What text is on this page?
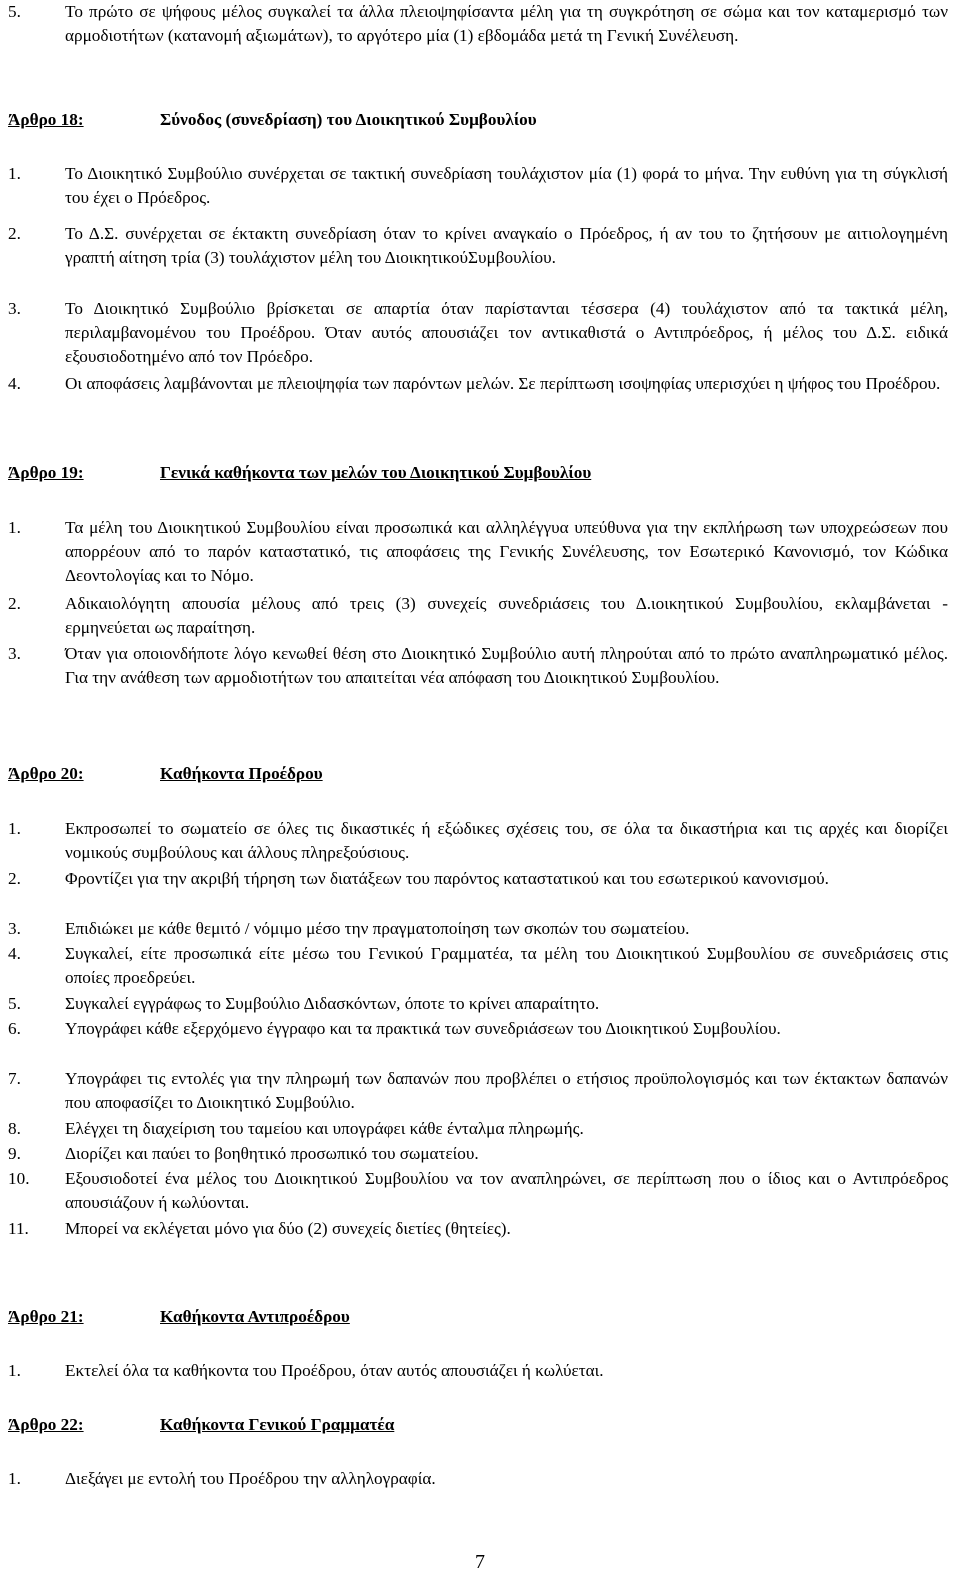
5.	Το πρώτο σε ψήφους μέλος συγκαλεί τα άλλα πλειοψηφίσαντα μέλη για τη συγκρότηση σε σώμα και τον καταμερισμό των αρμοδιοτήτων (κατανομή αξιωμάτων), το αργότερο μία (1) εβδομάδα μετά τη Γενική Συνέλευση.
Άρθρο 18:	Σύνοδος (συνεδρίαση) του Διοικητικού Συμβουλίου
1.	Το Διοικητικό Συμβούλιο συνέρχεται σε τακτική συνεδρίαση τουλάχιστον μία (1) φορά το μήνα. Την ευθύνη για τη σύγκλισή του έχει ο Πρόεδρος.
2.	Το Δ.Σ. συνέρχεται σε έκτακτη συνεδρίαση όταν το κρίνει αναγκαίο ο Πρόεδρος, ή αν του το ζητήσουν με αιτιολογημένη γραπτή αίτηση τρία (3) τουλάχιστον μέλη του ΔιοικητικούΣυμβουλίου.
3.	Το Διοικητικό Συμβούλιο βρίσκεται σε απαρτία όταν παρίστανται τέσσερα (4) τουλάχιστον από τα τακτικά μέλη, περιλαμβανομένου του Προέδρου. Όταν αυτός απουσιάζει τον αντικαθιστά ο Αντιπρόεδρος, ή μέλος του Δ.Σ. ειδικά εξουσιοδοτημένο από τον Πρόεδρο.
4.	Οι αποφάσεις λαμβάνονται με πλειοψηφία των παρόντων μελών. Σε περίπτωση ισοψηφίας υπερισχύει η ψήφος του Προέδρου.
Άρθρο 19:	Γενικά καθήκοντα των μελών του Διοικητικού Συμβουλίου
1.	Τα μέλη του Διοικητικού Συμβουλίου είναι προσωπικά και αλληλέγγυα υπεύθυνα για την εκπλήρωση των υποχρεώσεων που απορρέουν από το παρόν καταστατικό, τις αποφάσεις της Γενικής Συνέλευσης, τον Εσωτερικό Κανονισμό, τον Κώδικα Δεοντολογίας και το Νόμο.
2.	Αδικαιολόγητη απουσία μέλους από τρεις (3) συνεχείς συνεδριάσεις του Δ.ιοικητικού Συμβουλίου, εκλαμβάνεται - ερμηνεύεται ως παραίτηση.
3.	Όταν για οποιονδήποτε λόγο κενωθεί θέση στο Διοικητικό Συμβούλιο αυτή πληρούται από το πρώτο αναπληρωματικό μέλος. Για την ανάθεση των αρμοδιοτήτων του απαιτείται νέα απόφαση του Διοικητικού Συμβουλίου.
Άρθρο 20:	Καθήκοντα Προέδρου
1.	Εκπροσωπεί το σωματείο σε όλες τις δικαστικές ή εξώδικες σχέσεις του, σε όλα τα δικαστήρια και τις αρχές και διορίζει νομικούς συμβούλους και άλλους πληρεξούσιους.
2.	Φροντίζει για την ακριβή τήρηση των διατάξεων του παρόντος καταστατικού και του εσωτερικού κανονισμού.
3.	Επιδιώκει με κάθε θεμιτό / νόμιμο μέσο την πραγματοποίηση των σκοπών του σωματείου.
4.	Συγκαλεί, είτε προσωπικά είτε μέσω του Γενικού Γραμματέα, τα μέλη του Διοικητικού Συμβουλίου σε συνεδριάσεις στις οποίες προεδρεύει.
5.	Συγκαλεί εγγράφως το Συμβούλιο Διδασκόντων, όποτε το κρίνει απαραίτητο.
6.	Υπογράφει κάθε εξερχόμενο έγγραφο και τα πρακτικά των συνεδριάσεων του Διοικητικού Συμβουλίου.
7.	Υπογράφει τις εντολές για την πληρωμή των δαπανών που προβλέπει ο ετήσιος προϋπολογισμός και των έκτακτων δαπανών που αποφασίζει το Διοικητικό Συμβούλιο.
8.	Ελέγχει τη διαχείριση του ταμείου και υπογράφει κάθε ένταλμα πληρωμής.
9.	Διορίζει και παύει το βοηθητικό προσωπικό του σωματείου.
10. Εξουσιοδοτεί ένα μέλος του Διοικητικού Συμβουλίου να τον αναπληρώνει, σε περίπτωση που ο ίδιος και ο Αντιπρόεδρος απουσιάζουν ή κωλύονται.
11. Μπορεί να εκλέγεται μόνο για δύο (2) συνεχείς διετίες (θητείες).
Άρθρο 21:	Καθήκοντα Αντιπροέδρου
1.	Εκτελεί όλα τα καθήκοντα του Προέδρου, όταν αυτός απουσιάζει ή κωλύεται.
Άρθρο 22:	Καθήκοντα Γενικού Γραμματέα
1.	Διεξάγει με εντολή του Προέδρου την αλληλογραφία.
7
